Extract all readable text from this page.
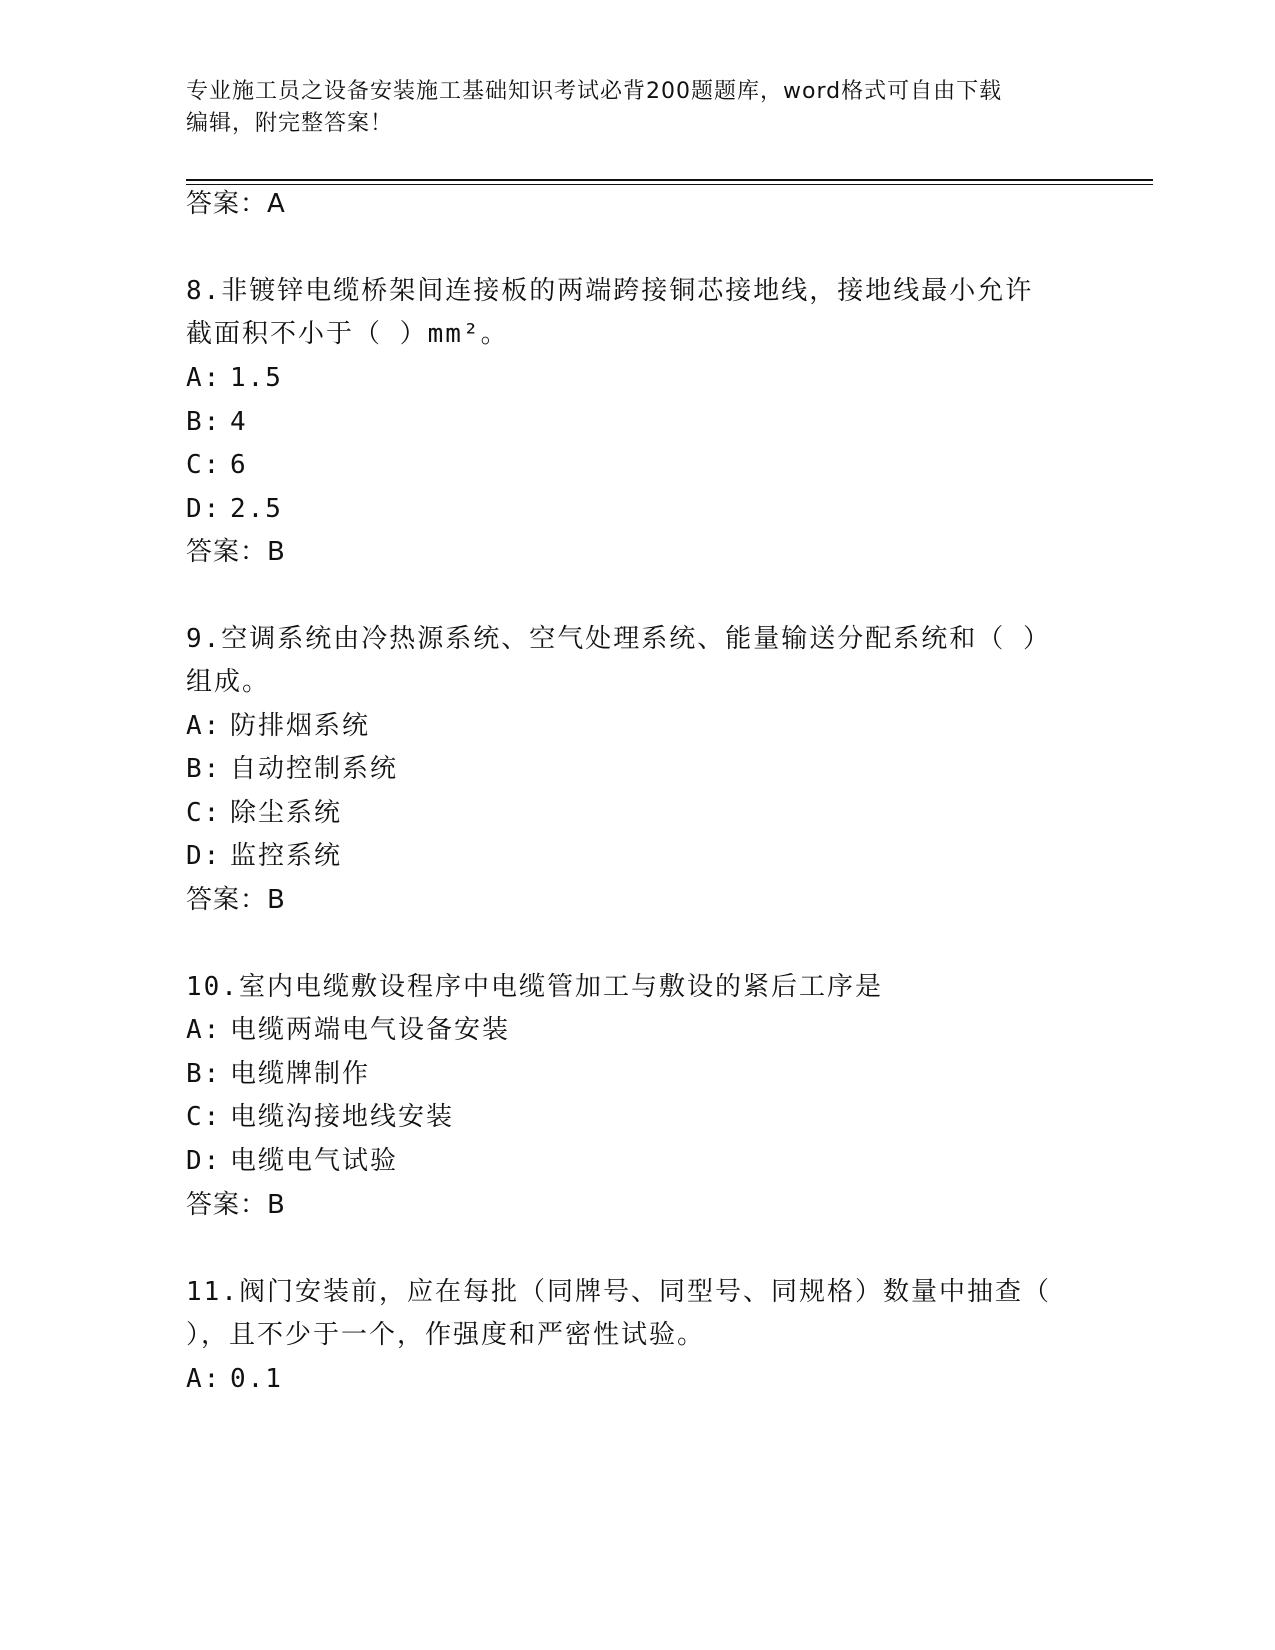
专业施工员之设备安装施工基础知识考试必背200题题库，word格式可自由下载
编辑，附完整答案！
答案：A
8.非镀锌电缆桥架间连接板的两端跨接铜芯接地线，接地线最小允许
截面积不小于（ ）mm²。
A: 1.5
B: 4
C: 6
D: 2.5
答案：B
9.空调系统由冷热源系统、空气处理系统、能量输送分配系统和（ ）
组成。
A: 防排烟系统
B: 自动控制系统
C: 除尘系统
D: 监控系统
答案：B
10.室内电缆敷设程序中电缆管加工与敷设的紧后工序是
A: 电缆两端电气设备安装
B: 电缆牌制作
C: 电缆沟接地线安装
D: 电缆电气试验
答案：B
11.阀门安装前，应在每批（同牌号、同型号、同规格）数量中抽查（
），且不少于一个，作强度和严密性试验。
A: 0.1
